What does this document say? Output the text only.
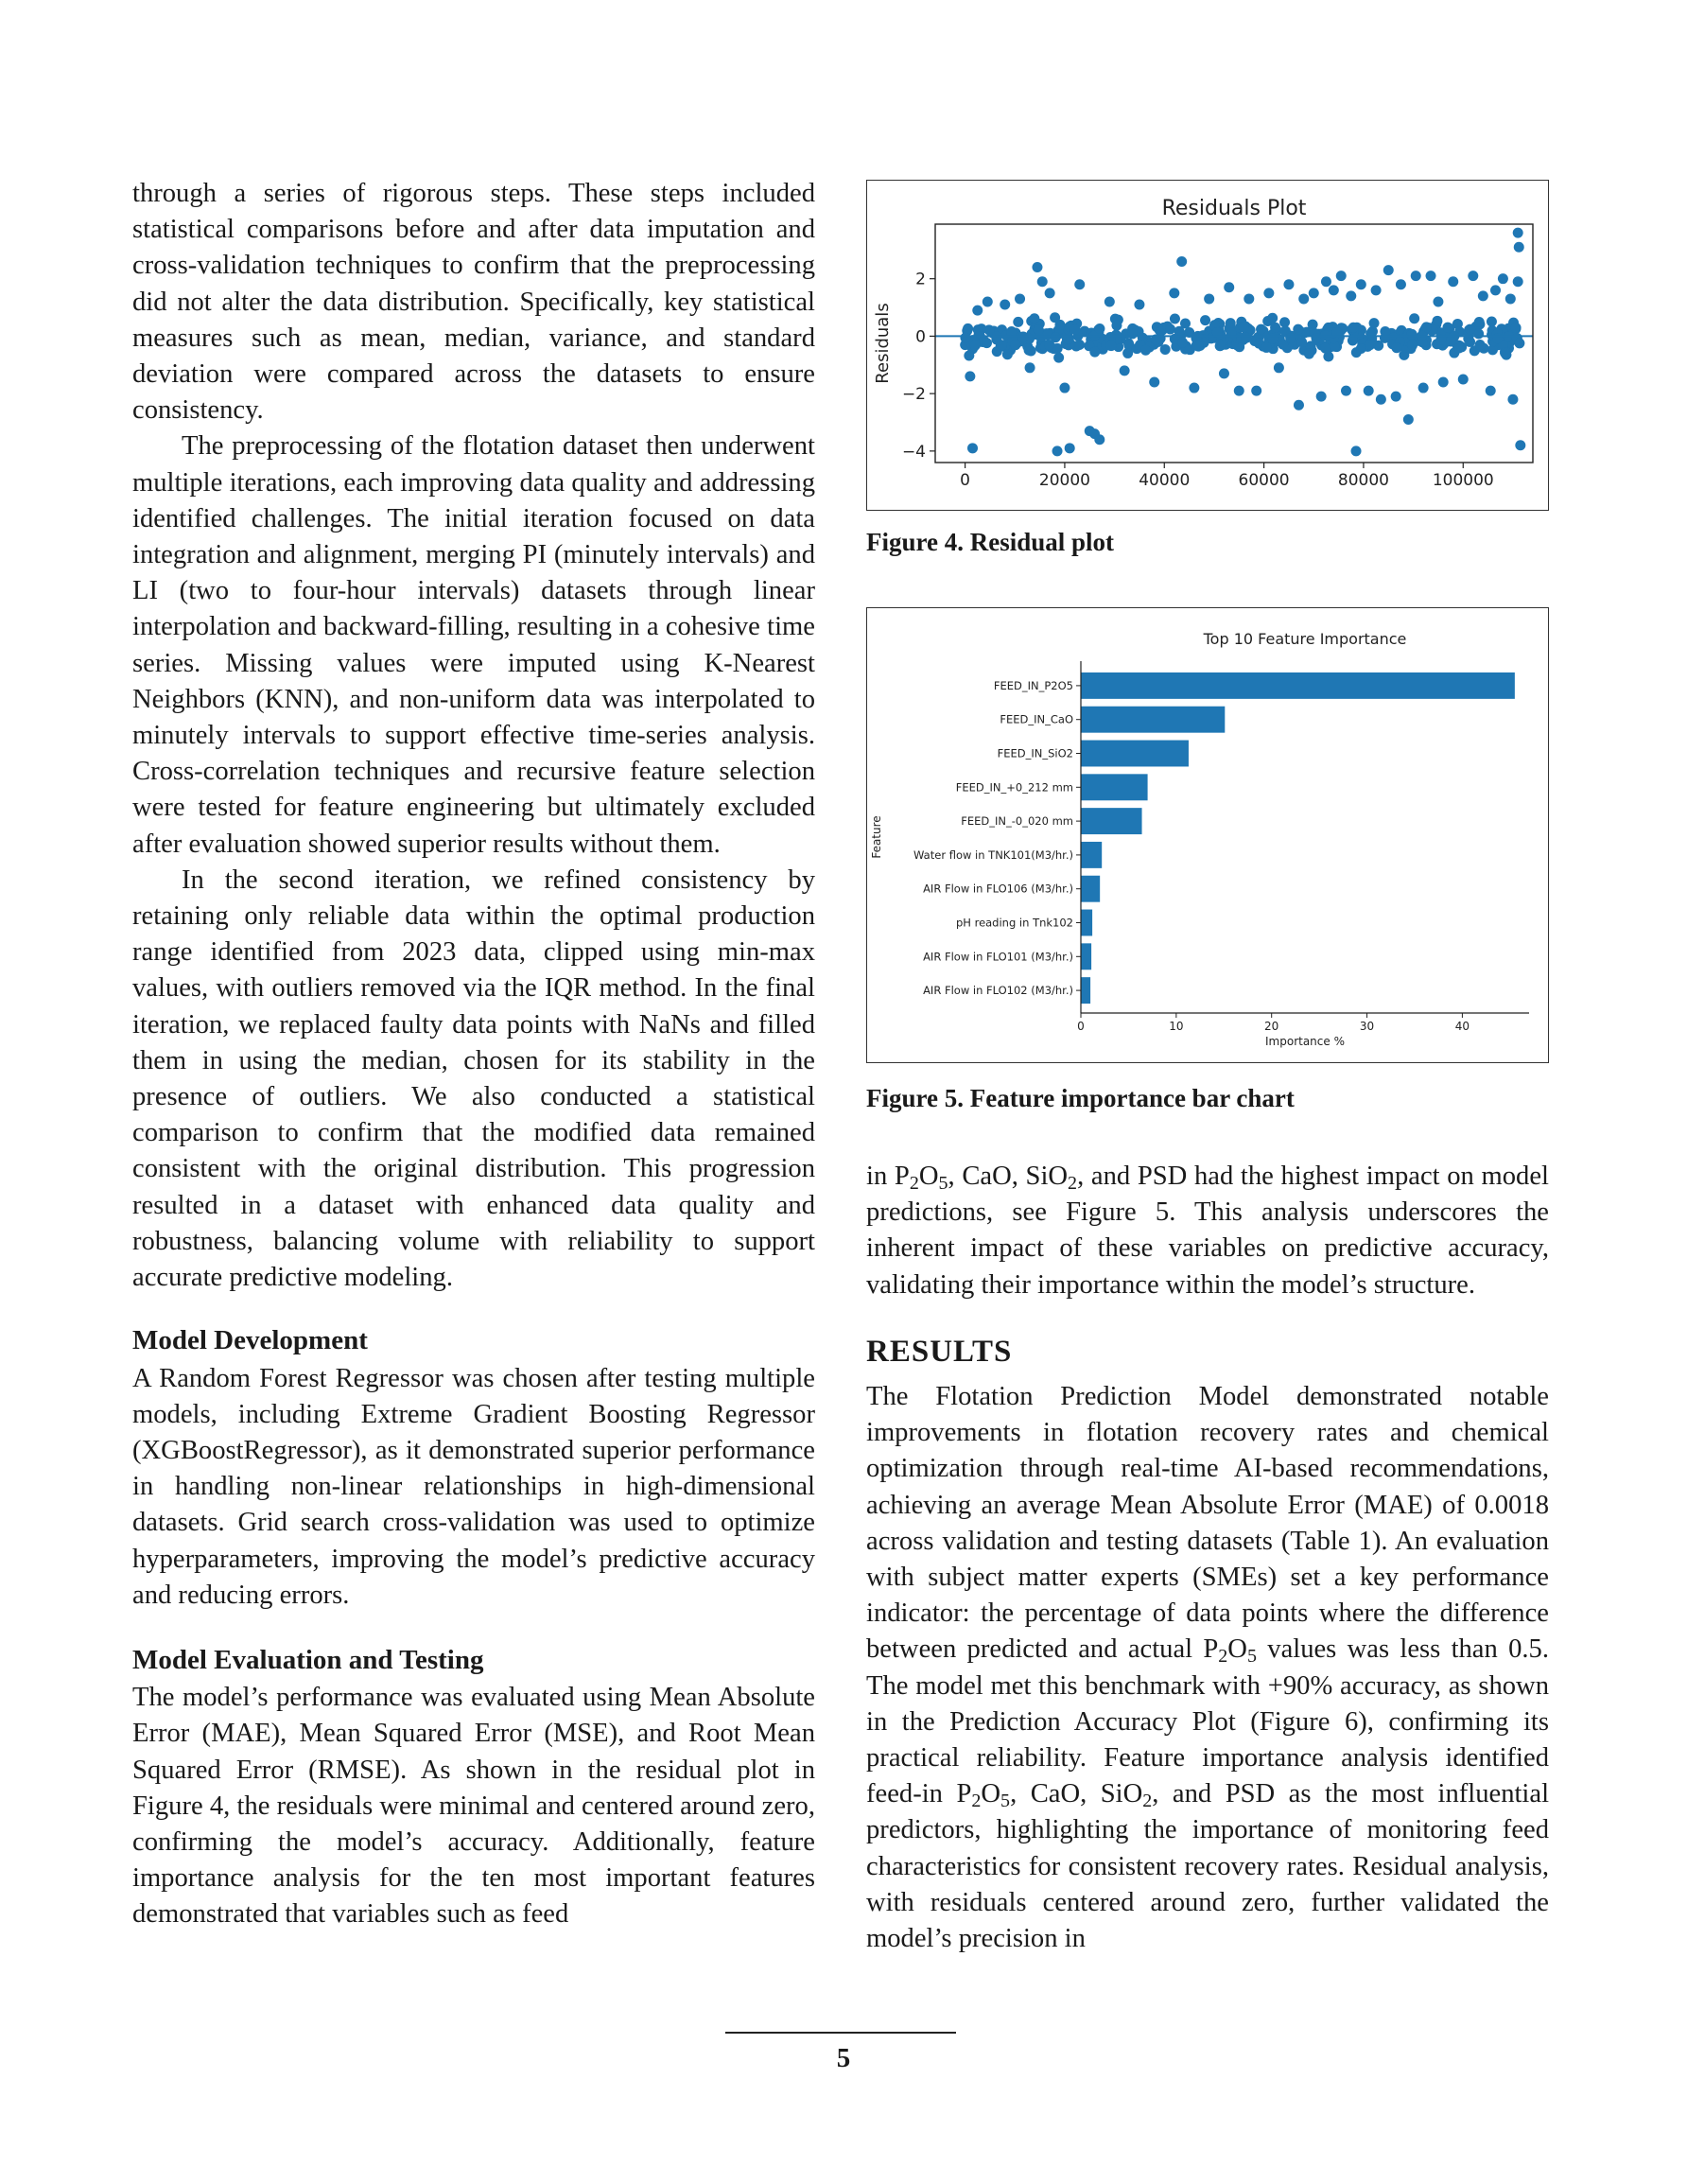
through a series of rigorous steps. These steps included statistical comparisons before and after data imputation and cross-validation techniques to confirm that the preprocessing did not alter the data distribution. Specifically, key statistical measures such as mean, median, variance, and standard deviation were compared across the datasets to ensure consistency.

The preprocessing of the flotation dataset then underwent multiple iterations, each improving data quality and addressing identified challenges. The initial iteration focused on data integration and alignment, merging PI (minutely intervals) and LI (two to four-hour intervals) datasets through linear interpolation and backward-filling, resulting in a cohesive time series. Missing values were imputed using K-Nearest Neighbors (KNN), and non-uniform data was interpolated to minutely intervals to support effective time-series analysis. Cross-correlation techniques and recursive feature selection were tested for feature engineering but ultimately excluded after evaluation showed superior results without them.

In the second iteration, we refined consistency by retaining only reliable data within the optimal production range identified from 2023 data, clipped using min-max values, with outliers removed via the IQR method. In the final iteration, we replaced faulty data points with NaNs and filled them in using the median, chosen for its stability in the presence of outliers. We also conducted a statistical comparison to confirm that the modified data remained consistent with the original distribution. This progression resulted in a dataset with enhanced data quality and robustness, balancing volume with reliability to support accurate predictive modeling.

Model Development

A Random Forest Regressor was chosen after testing multiple models, including Extreme Gradient Boosting Regressor (XGBoostRegressor), as it demonstrated superior performance in handling non-linear relationships in high-dimensional datasets. Grid search cross-validation was used to optimize hyperparameters, improving the model’s predictive accuracy and reducing errors.

Model Evaluation and Testing

The model’s performance was evaluated using Mean Absolute Error (MAE), Mean Squared Error (MSE), and Root Mean Squared Error (RMSE). As shown in the residual plot in Figure 4, the residuals were minimal and centered around zero, confirming the model’s accuracy. Additionally, feature importance analysis for the ten most important features demonstrated that variables such as feed

Residuals Plot
Residuals
0	20000	40000	60000	80000	100000
−4
−2
0
2
Figure 4. Residual plot
Top 10 Feature Importance
Feature
FEED_IN_P2O5
FEED_IN_CaO
FEED_IN_SiO2
FEED_IN_+0_212 mm
FEED_IN_-0_020 mm
Water flow in TNK101(M3/hr.)
AIR Flow in FLO106 (M3/hr.)
pH reading in Tnk102
AIR Flow in FLO101 (M3/hr.)
AIR Flow in FLO102 (M3/hr.)
0	10	20	30	40
Importance %
Figure 5. Feature importance bar chart

in $P_2O_5$, CaO, SiO$_2$, and PSD had the highest impact on model predictions, see Figure 5. This analysis underscores the inherent impact of these variables on predictive accuracy, validating their importance within the model’s structure.

RESULTS

The Flotation Prediction Model demonstrated notable improvements in flotation recovery rates and chemical optimization through real-time AI-based recommendations, achieving an average Mean Absolute Error (MAE) of 0.0018 across validation and testing datasets (Table 1). An evaluation with subject matter experts (SMEs) set a key performance indicator: the percentage of data points where the difference between predicted and actual $P_2O_5$ values was less than 0.5. The model met this benchmark with +90% accuracy, as shown in the Prediction Accuracy Plot (Figure 6), confirming its practical reliability. Feature importance analysis identified feed-in $P_2O_5$, CaO, SiO$_2$, and PSD as the most influential predictors, highlighting the importance of monitoring feed characteristics for consistent recovery rates. Residual analysis, with residuals centered around zero, further validated the model’s precision in

5
